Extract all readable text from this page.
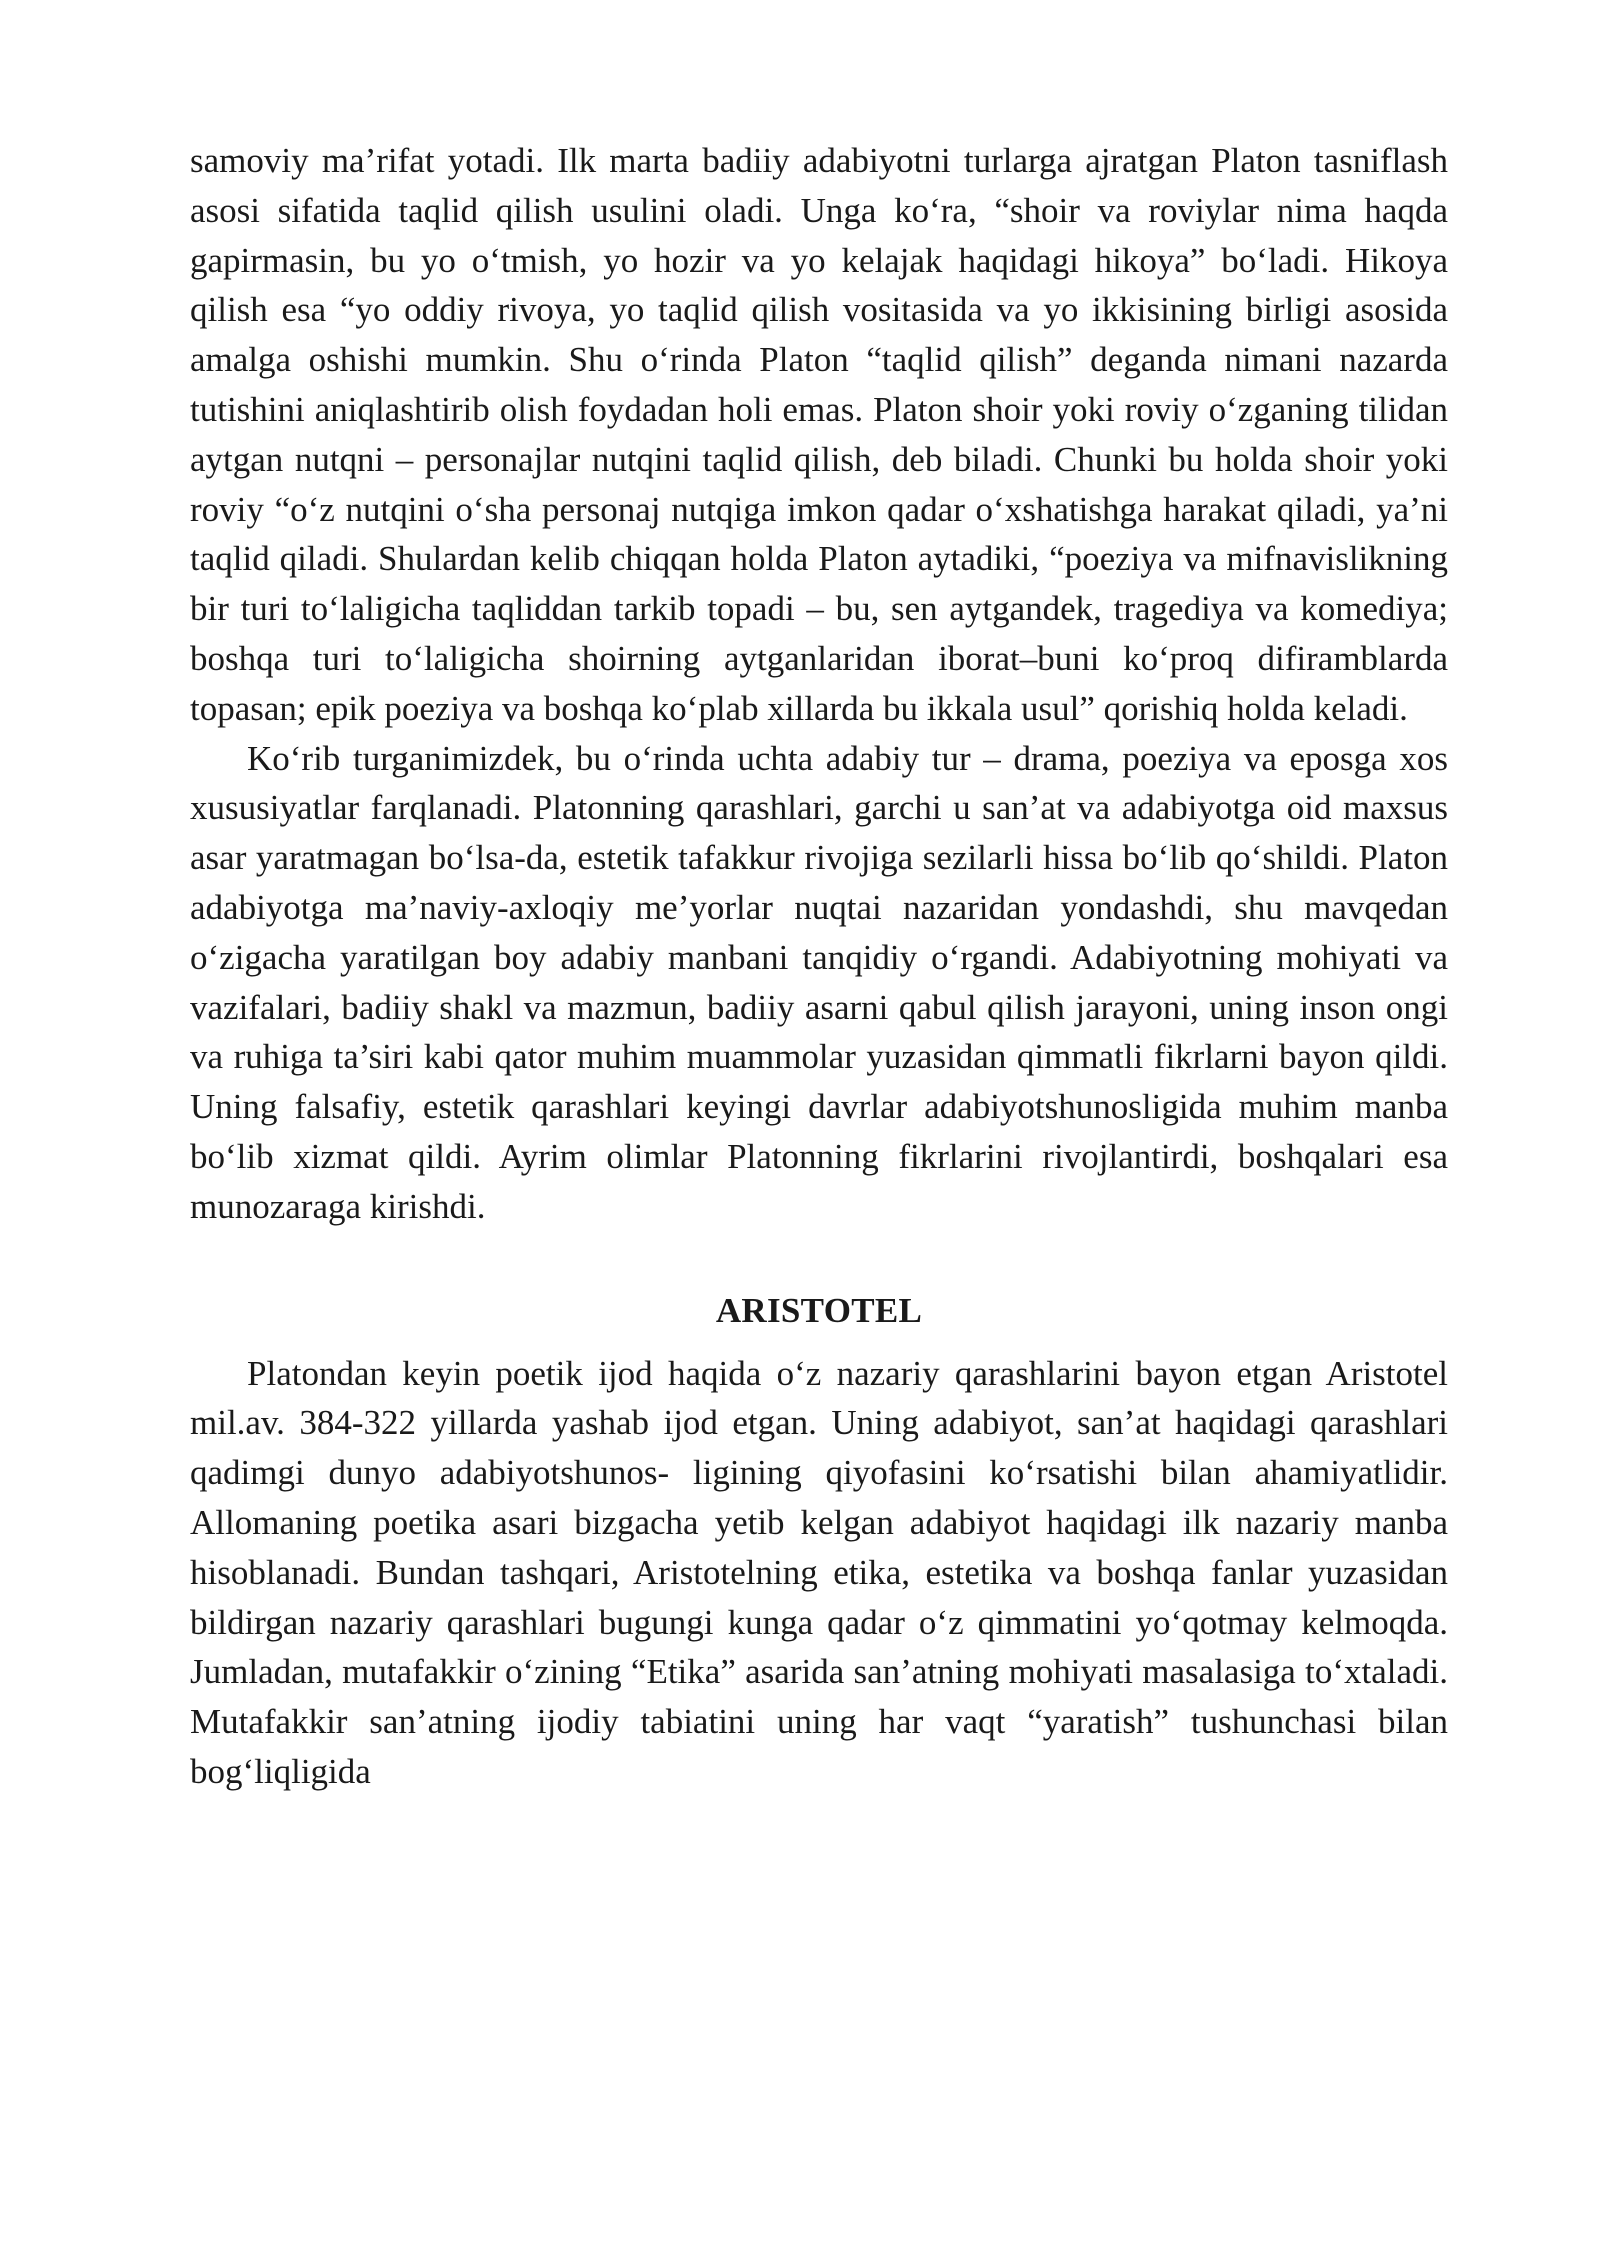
samoviy ma’rifat yotadi. Ilk marta badiiy adabiyotni turlarga ajratgan Platon tasniflash asosi sifatida taqlid qilish usulini oladi. Unga ko‘ra, “shoir va roviylar nima haqda gapirmasin, bu yo o‘tmish, yo hozir va yo kelajak haqidagi hikoya” bo‘ladi. Hikoya qilish esa “yo oddiy rivoya, yo taqlid qilish vositasida va yo ikkisining birligi asosida amalga oshishi mumkin. Shu o‘rinda Platon “taqlid qilish” deganda nimani nazarda tutishini aniqlashtirib olish foydadan holi emas. Platon shoir yoki roviy o‘zganing tilidan aytgan nutqni – personajlar nutqini taqlid qilish, deb biladi. Chunki bu holda shoir yoki roviy “o‘z nutqini o‘sha personaj nutqiga imkon qadar o‘xshatishga harakat qiladi, ya’ni taqlid qiladi. Shulardan kelib chiqqan holda Platon aytadiki, “poeziya va mifnavislikning bir turi to‘laligicha taqliddan tarkib topadi – bu, sen aytgandek, tragediya va komediya; boshqa turi to‘laligicha shoirning aytganlaridan iborat–buni ko‘proq difiramblarda topasan; epik poeziya va boshqa ko‘plab xillarda bu ikkala usul” qorishiq holda keladi.

Ko‘rib turganimizdek, bu o‘rinda uchta adabiy tur – drama, poeziya va eposga xos xususiyatlar farqlanadi. Platonning qarashlari, garchi u san’at va adabiyotga oid maxsus asar yaratmagan bo‘lsa-da, estetik tafakkur rivojiga sezilarli hissa bo‘lib qo‘shildi. Platon adabiyotga ma’naviy-axloqiy me’yorlar nuqtai nazaridan yondashdi, shu mavqedan o‘zigacha yaratilgan boy adabiy manbani tanqidiy o‘rgandi. Adabiyotning mohiyati va vazifalari, badiiy shakl va mazmun, badiiy asarni qabul qilish jarayoni, uning inson ongi va ruhiga ta’siri kabi qator muhim muammolar yuzasidan qimmatli fikrlarni bayon qildi. Uning falsafiy, estetik qarashlari keyingi davrlar adabiyotshunosligida muhim manba bo‘lib xizmat qildi. Ayrim olimlar Platonning fikrlarini rivojlantirdi, boshqalari esa munozaraga kirishdi.

ARISTOTEL

Platondan keyin poetik ijod haqida o‘z nazariy qarashlarini bayon etgan Aristotel mil.av. 384-322 yillarda yashab ijod etgan. Uning adabiyot, san’at haqidagi qarashlari qadimgi dunyo adabiyotshunos- ligining qiyofasini ko‘rsatishi bilan ahamiyatlidir. Allomaning poetika asari bizgacha yetib kelgan adabiyot haqidagi ilk nazariy manba hisoblanadi. Bundan tashqari, Aristotelning etika, estetika va boshqa fanlar yuzasidan bildirgan nazariy qarashlari bugungi kunga qadar o‘z qimmatini yo‘qotmay kelmoqda. Jumladan, mutafakkir o‘zining “Etika” asarida san’atning mohiyati masalasiga to‘xtaladi. Mutafakkir san’atning ijodiy tabiatini uning har vaqt “yaratish” tushunchasi bilan bog‘liqligida
